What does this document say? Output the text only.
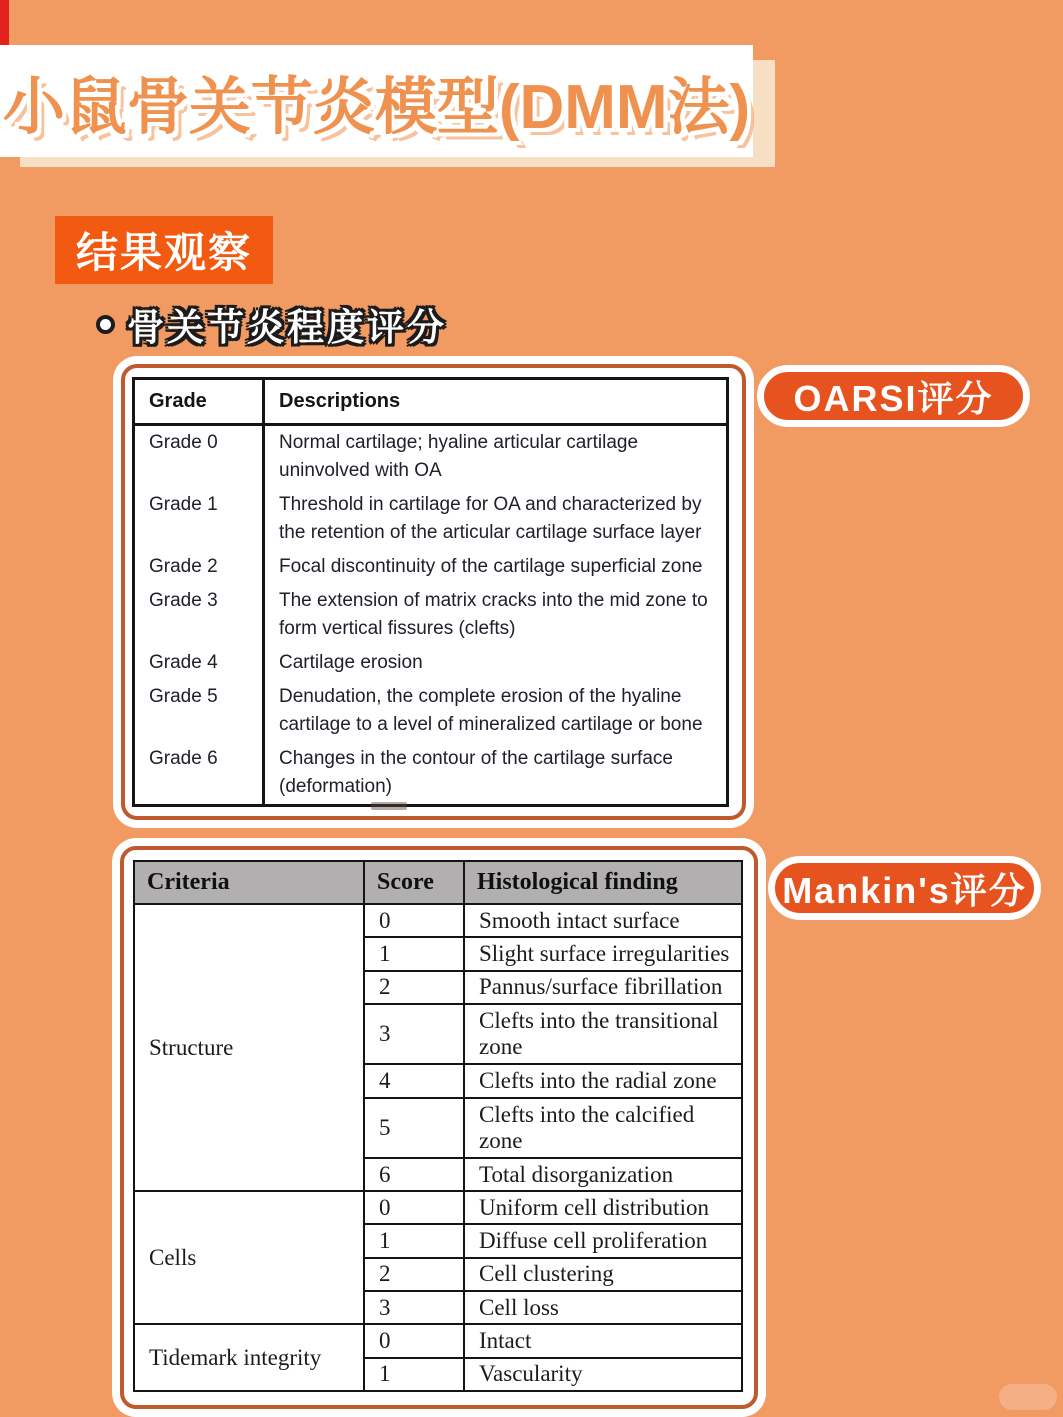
小鼠骨关节炎模型(DMM法)
结果观察
骨关节炎程度评分
Grade	Descriptions
Grade 0	Normal cartilage; hyaline articular cartilage uninvolved with OA
Grade 1	Threshold in cartilage for OA and characterized by the retention of the articular cartilage surface layer
Grade 2	Focal discontinuity of the cartilage superficial zone
Grade 3	The extension of matrix cracks into the mid zone to form vertical fissures (clefts)
Grade 4	Cartilage erosion
Grade 5	Denudation, the complete erosion of the hyaline cartilage to a level of mineralized cartilage or bone
Grade 6	Changes in the contour of the cartilage surface (deformation)
OARSI评分
Criteria	Score	Histological finding
Structure	0	Smooth intact surface
	1	Slight surface irregularities
	2	Pannus/surface fibrillation
	3	Clefts into the transitional zone
	4	Clefts into the radial zone
	5	Clefts into the calcified zone
	6	Total disorganization
Cells	0	Uniform cell distribution
	1	Diffuse cell proliferation
	2	Cell clustering
	3	Cell loss
Tidemark integrity	0	Intact
	1	Vascularity
Mankin's评分
